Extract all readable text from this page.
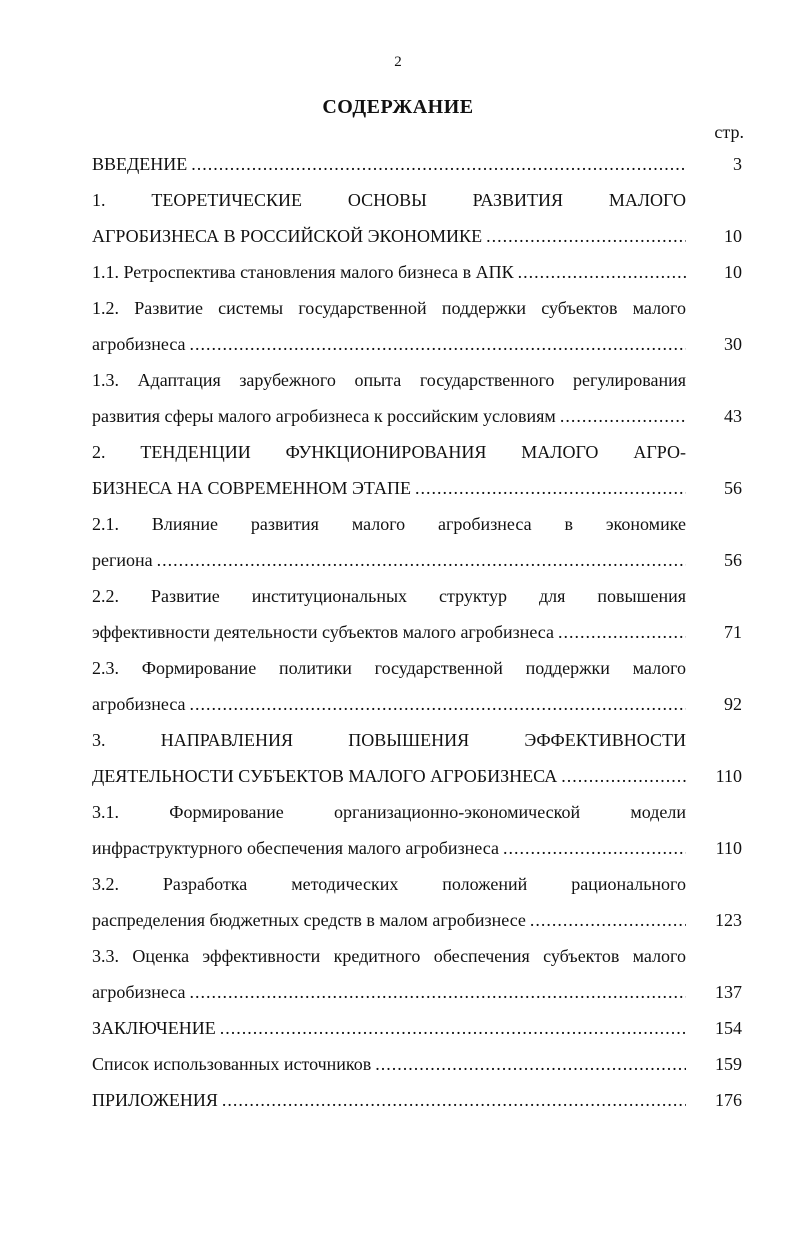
2
СОДЕРЖАНИЕ
стр.
ВВЕДЕНИЕ .....	3
1. ТЕОРЕТИЧЕСКИЕ ОСНОВЫ РАЗВИТИЯ МАЛОГО
АГРОБИЗНЕСА В РОССИЙСКОЙ ЭКОНОМИКЕ .....	10
1.1. Ретроспектива становления малого бизнеса в АПК .....	10
1.2. Развитие системы государственной поддержки субъектов малого
агробизнеса .....	30
1.3. Адаптация зарубежного опыта государственного регулирования
развития сферы малого агробизнеса к российским условиям .....	43
2. ТЕНДЕНЦИИ ФУНКЦИОНИРОВАНИЯ МАЛОГО АГРО-
БИЗНЕСА НА СОВРЕМЕННОМ ЭТАПЕ .....	56
2.1. Влияние развития малого агробизнеса в экономике
региона .....	56
2.2. Развитие институциональных структур для повышения
эффективности деятельности субъектов малого агробизнеса .....	71
2.3. Формирование политики государственной поддержки малого
агробизнеса .....	92
3. НАПРАВЛЕНИЯ ПОВЫШЕНИЯ ЭФФЕКТИВНОСТИ
ДЕЯТЕЛЬНОСТИ СУБЪЕКТОВ МАЛОГО АГРОБИЗНЕСА .....	110
3.1. Формирование организационно-экономической модели
инфраструктурного обеспечения малого агробизнеса .....	110
3.2. Разработка методических положений рационального
распределения бюджетных средств в малом агробизнесе .....	123
3.3. Оценка эффективности кредитного обеспечения субъектов малого
агробизнеса .....	137
ЗАКЛЮЧЕНИЕ .....	154
Список использованных источников .....	159
ПРИЛОЖЕНИЯ .....	176
